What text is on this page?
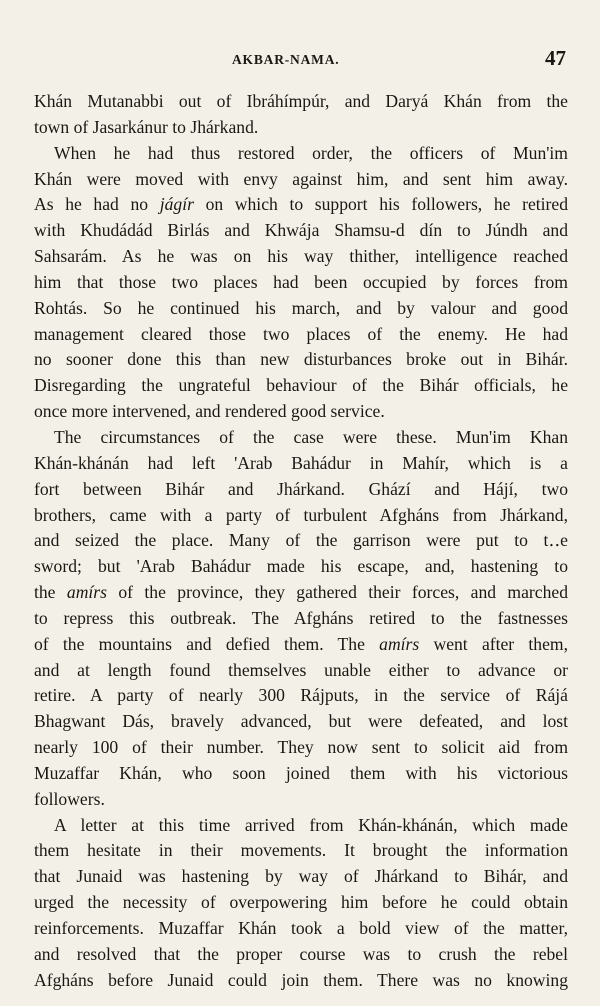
AKBAR-NAMA.	47
Khán Mutanabbi out of Ibráhímpúr, and Daryá Khán from the
town of Jasarkánur to Jhárkand.
When he had thus restored order, the officers of Mun'im
Khán were moved with envy against him, and sent him away.
As he had no jágír on which to support his followers, he retired
with Khudádád Birlás and Khwája Shamsu-d dín to Júndh and
Sahsarám. As he was on his way thither, intelligence reached
him that those two places had been occupied by forces from
Rohtás. So he continued his march, and by valour and good
management cleared those two places of the enemy. He had
no sooner done this than new disturbances broke out in Bihár.
Disregarding the ungrateful behaviour of the Bihár officials, he
once more intervened, and rendered good service.
The circumstances of the case were these. Mun'im Khan
Khán-khánán had left 'Arab Bahádur in Mahír, which is a
fort between Bihár and Jhárkand. Ghází and Hájí, two
brothers, came with a party of turbulent Afgháns from Jhárkand,
and seized the place. Many of the garrison were put to t‥e
sword; but 'Arab Bahádur made his escape, and, hastening to
the amírs of the province, they gathered their forces, and marched
to repress this outbreak. The Afgháns retired to the fastnesses
of the mountains and defied them. The amírs went after them,
and at length found themselves unable either to advance or
retire. A party of nearly 300 Rájputs, in the service of Rájá
Bhagwant Dás, bravely advanced, but were defeated, and lost
nearly 100 of their number. They now sent to solicit aid from
Muzaffar Khán, who soon joined them with his victorious
followers.
A letter at this time arrived from Khán-khánán, which made
them hesitate in their movements. It brought the information
that Junaid was hastening by way of Jhárkand to Bihár, and
urged the necessity of overpowering him before he could obtain
reinforcements. Muzaffar Khán took a bold view of the matter,
and resolved that the proper course was to crush the rebel
Afgháns before Junaid could join them. There was no knowing
